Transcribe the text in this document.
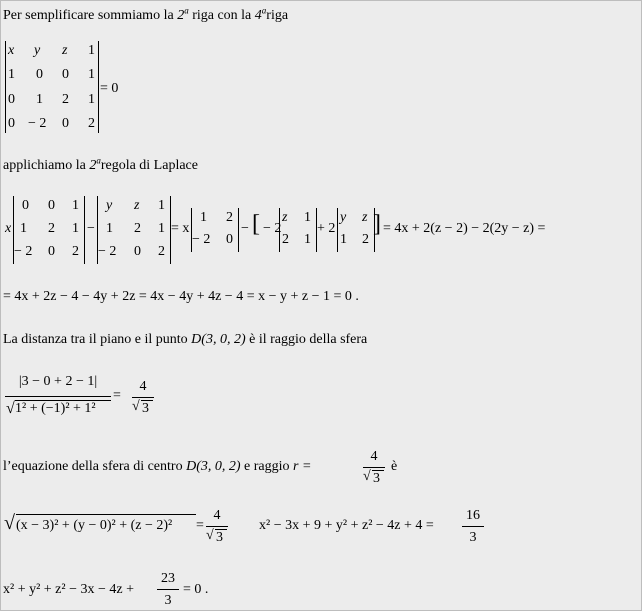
Per semplificare sommiamo la 2$^a$ riga con la 4$^a$riga
x y z 1
1 0 0 1
0 1 2 1
0 − 2 0 2
= 0
applichiamo la 2$^a$regola di Laplace
x
0 0 1
1 2 1
− 2 0 2
−
y z 1
1 2 1
− 2 0 2
= x
1 2
− 2 0
− [ − 2
z 1
2 1
+ 2
y z
1 2
] = 4x + 2(z − 2) − 2(2y − z) =
= 4x + 2z − 4 − 4y + 2z = 4x − 4y + 4z − 4 = x − y + z − 1 = 0 .
La distanza tra il piano e il punto D(3, 0, 2) è il raggio della sfera
|3 − 0 + 2 − 1|
√ 1² + (−1)² + 1²
=
4
√ 3
l’equazione della sfera di centro D(3, 0, 2) e raggio r =
4
√ 3
è
√ (x − 3)² + (y − 0)² + (z − 2)² =
4
√ 3
x² − 3x + 9 + y² + z² − 4z + 4 =
16
3
x² + y² + z² − 3x − 4z +
23
3
= 0 .
